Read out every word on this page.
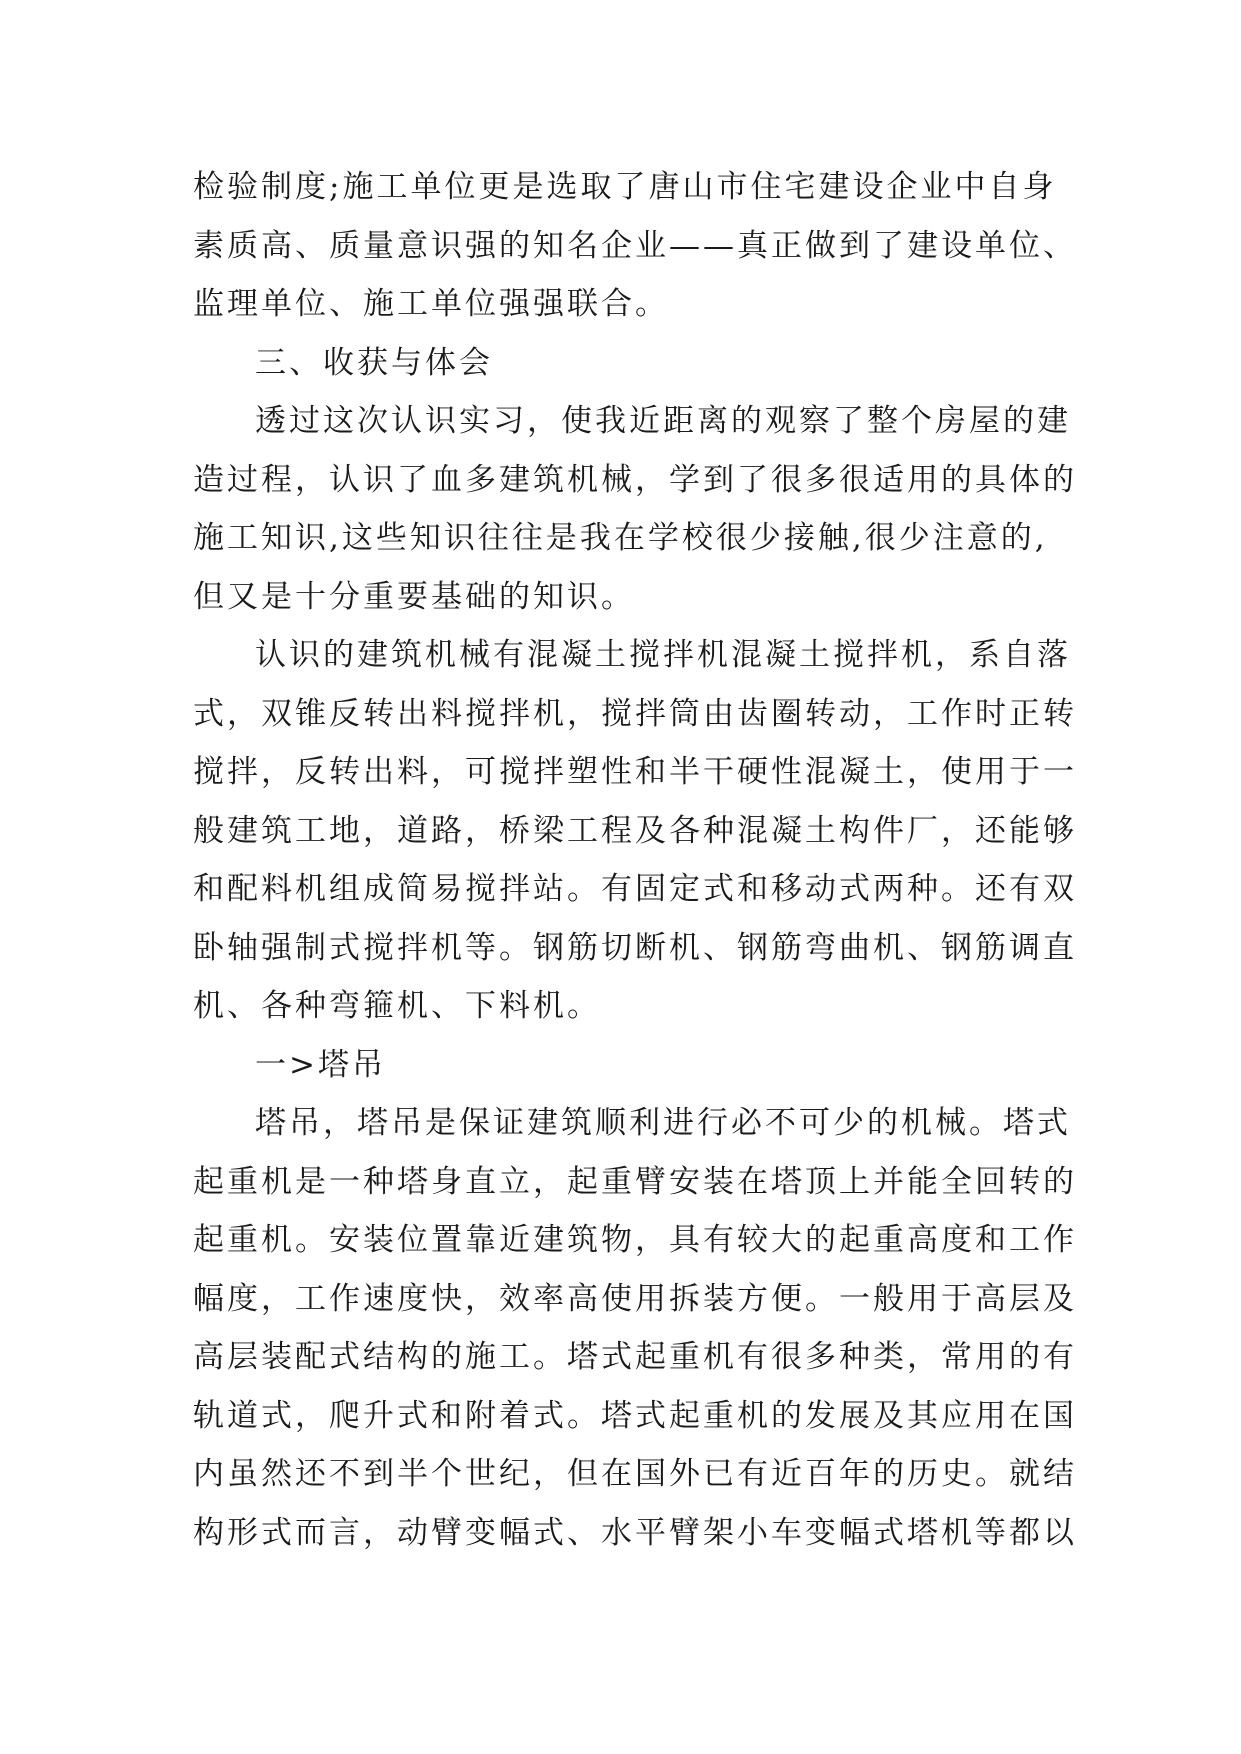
检验制度;施工单位更是选取了唐山市住宅建设企业中自身
素质高、质量意识强的知名企业——真正做到了建设单位、
监理单位、施工单位强强联合。
三、收获与体会
透过这次认识实习，使我近距离的观察了整个房屋的建
造过程，认识了血多建筑机械，学到了很多很适用的具体的
施工知识,这些知识往往是我在学校很少接触,很少注意的,
但又是十分重要基础的知识。
认识的建筑机械有混凝土搅拌机混凝土搅拌机，系自落
式，双锥反转出料搅拌机，搅拌筒由齿圈转动，工作时正转
搅拌，反转出料，可搅拌塑性和半干硬性混凝土，使用于一
般建筑工地，道路，桥梁工程及各种混凝土构件厂，还能够
和配料机组成简易搅拌站。有固定式和移动式两种。还有双
卧轴强制式搅拌机等。钢筋切断机、钢筋弯曲机、钢筋调直
机、各种弯箍机、下料机。
一>塔吊
塔吊，塔吊是保证建筑顺利进行必不可少的机械。塔式
起重机是一种塔身直立，起重臂安装在塔顶上并能全回转的
起重机。安装位置靠近建筑物，具有较大的起重高度和工作
幅度，工作速度快，效率高使用拆装方便。一般用于高层及
高层装配式结构的施工。塔式起重机有很多种类，常用的有
轨道式，爬升式和附着式。塔式起重机的发展及其应用在国
内虽然还不到半个世纪，但在国外已有近百年的历史。就结
构形式而言，动臂变幅式、水平臂架小车变幅式塔机等都以
